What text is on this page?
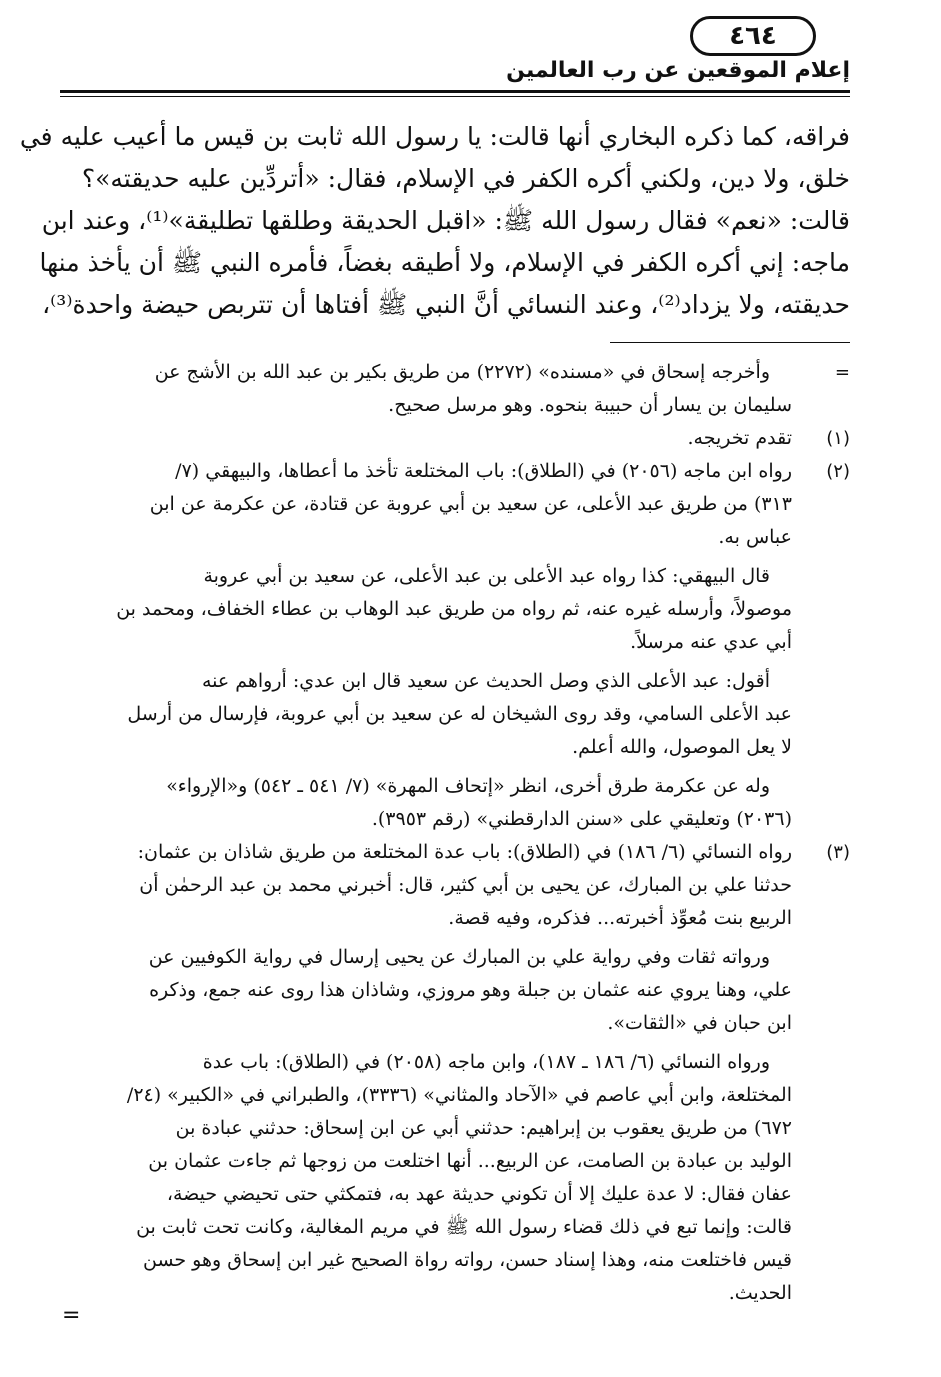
إعلام الموقعين عن رب العالمين
٤٦٤
فراقه، كما ذكره البخاري أنها قالت: يا رسول الله ثابت بن قيس ما أعيب عليه في
خلق، ولا دين، ولكني أكره الكفر في الإسلام، فقال: «أتردِّين عليه حديقته»؟
قالت: «نعم» فقال رسول الله ﷺ: «اقبل الحديقة وطلقها تطليقة»⁽¹⁾، وعند ابن
ماجه: إني أكره الكفر في الإسلام، ولا أطيقه بغضاً، فأمره النبي ﷺ أن يأخذ منها
حديقته، ولا يزداد⁽²⁾، وعند النسائي أنَّ النبي ﷺ أفتاها أن تتربص حيضة واحدة⁽³⁾،
=
وأخرجه إسحاق في «مسنده» (٢٢٧٢) من طريق بكير بن عبد الله بن الأشج عن
سليمان بن يسار أن حبيبة بنحوه. وهو مرسل صحيح.
(١)
تقدم تخريجه.
(٢)
رواه ابن ماجه (٢٠٥٦) في (الطلاق): باب المختلعة تأخذ ما أعطاها، والبيهقي (٧/
٣١٣) من طريق عبد الأعلى، عن سعيد بن أبي عروبة عن قتادة، عن عكرمة عن ابن
عباس به.
قال البيهقي: كذا رواه عبد الأعلى بن عبد الأعلى، عن سعيد بن أبي عروبة
موصولاً، وأرسله غيره عنه، ثم رواه من طريق عبد الوهاب بن عطاء الخفاف، ومحمد بن
أبي عدي عنه مرسلاً.
أقول: عبد الأعلى الذي وصل الحديث عن سعيد قال ابن عدي: أرواهم عنه
عبد الأعلى السامي، وقد روى الشيخان له عن سعيد بن أبي عروبة، فإرسال من أرسل
لا يعل الموصول، والله أعلم.
وله عن عكرمة طرق أخرى، انظر «إتحاف المهرة» (٧/ ٥٤١ ـ ٥٤٢) و«الإرواء»
(٢٠٣٦) وتعليقي على «سنن الدارقطني» (رقم ٣٩٥٣).
(٣)
رواه النسائي (٦/ ١٨٦) في (الطلاق): باب عدة المختلعة من طريق شاذان بن عثمان:
حدثنا علي بن المبارك، عن يحيى بن أبي كثير، قال: أخبرني محمد بن عبد الرحمٰن أن
الربيع بنت مُعوِّذ أخبرته... فذكره، وفيه قصة.
ورواته ثقات وفي رواية علي بن المبارك عن يحيى إرسال في رواية الكوفيين عن
علي، وهنا يروي عنه عثمان بن جبلة وهو مروزي، وشاذان هذا روى عنه جمع، وذكره
ابن حبان في «الثقات».
ورواه النسائي (٦/ ١٨٦ ـ ١٨٧)، وابن ماجه (٢٠٥٨) في (الطلاق): باب عدة
المختلعة، وابن أبي عاصم في «الآحاد والمثاني» (٣٣٣٦)، والطبراني في «الكبير» (٢٤/
٦٧٢) من طريق يعقوب بن إبراهيم: حدثني أبي عن ابن إسحاق: حدثني عبادة بن
الوليد بن عبادة بن الصامت، عن الربيع... أنها اختلعت من زوجها ثم جاءت عثمان بن
عفان فقال: لا عدة عليك إلا أن تكوني حديثة عهد به، فتمكثي حتى تحيضي حيضة،
قالت: وإنما تبع في ذلك قضاء رسول الله ﷺ في مريم المغالية، وكانت تحت ثابت بن
قيس فاختلعت منه، وهذا إسناد حسن، رواته رواة الصحيح غير ابن إسحاق وهو حسن
الحديث.
=
